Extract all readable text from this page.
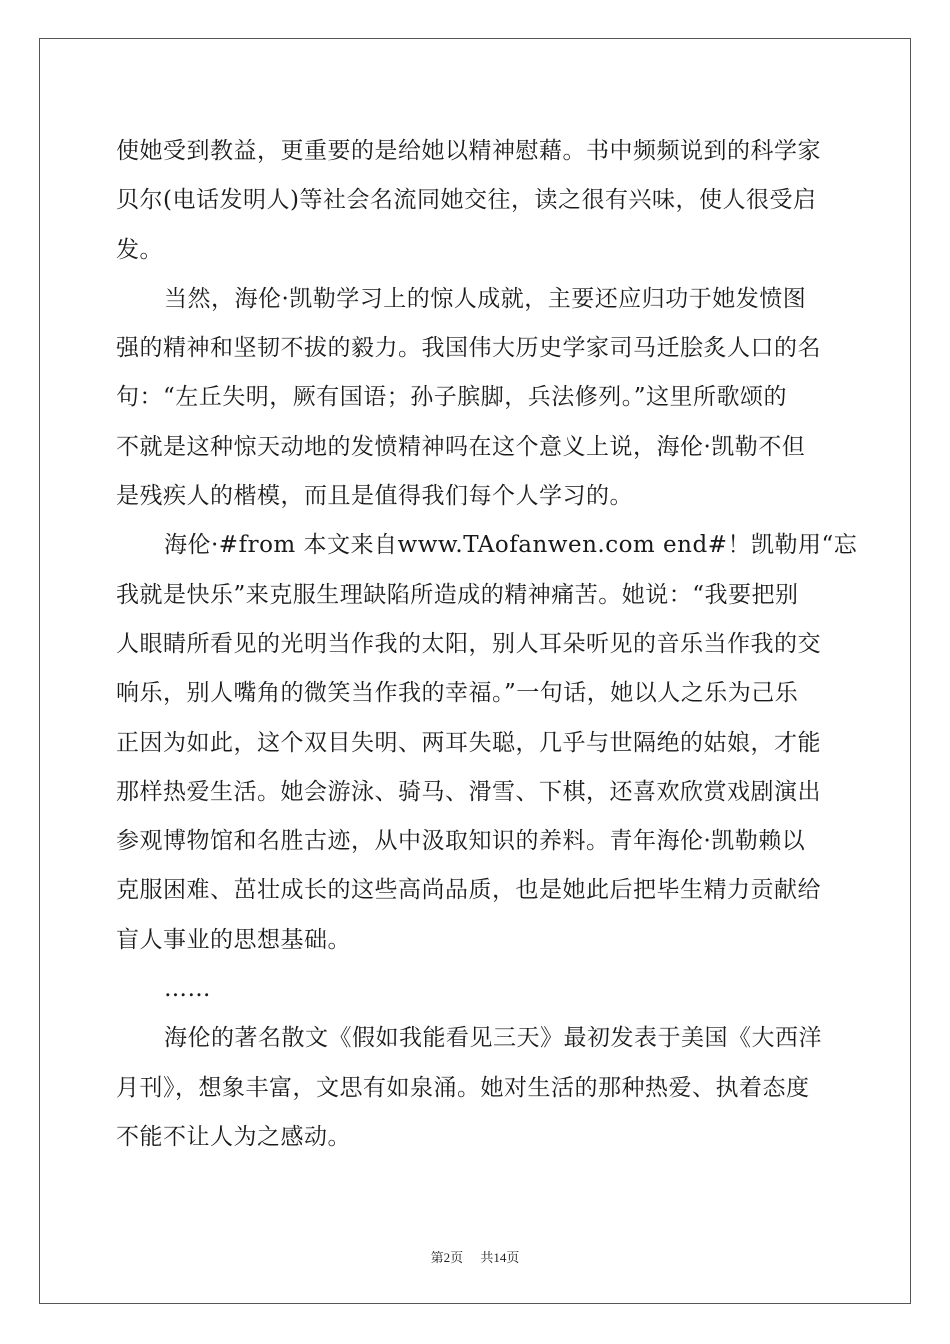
使她受到教益，更重要的是给她以精神慰藉。书中频频说到的科学家
贝尔(电话发明人)等社会名流同她交往，读之很有兴味，使人很受启
发。
当然，海伦·凯勒学习上的惊人成就，主要还应归功于她发愤图
强的精神和坚韧不拔的毅力。我国伟大历史学家司马迁脍炙人口的名
句：“左丘失明，厥有国语；孙子膑脚，兵法修列。”这里所歌颂的
不就是这种惊天动地的发愤精神吗在这个意义上说，海伦·凯勒不但
是残疾人的楷模，而且是值得我们每个人学习的。
海伦·#from 本文来自www.TAofanwen.com end#！凯勒用“忘
我就是快乐”来克服生理缺陷所造成的精神痛苦。她说：“我要把别
人眼睛所看见的光明当作我的太阳，别人耳朵听见的音乐当作我的交
响乐，别人嘴角的微笑当作我的幸福。”一句话，她以人之乐为己乐
正因为如此，这个双目失明、两耳失聪，几乎与世隔绝的姑娘，才能
那样热爱生活。她会游泳、骑马、滑雪、下棋，还喜欢欣赏戏剧演出
参观博物馆和名胜古迹，从中汲取知识的养料。青年海伦·凯勒赖以
克服困难、茁壮成长的这些高尚品质，也是她此后把毕生精力贡献给
盲人事业的思想基础。
……
海伦的著名散文《假如我能看见三天》最初发表于美国《大西洋
月刊》，想象丰富，文思有如泉涌。她对生活的那种热爱、执着态度
不能不让人为之感动。
第2页 共14页
